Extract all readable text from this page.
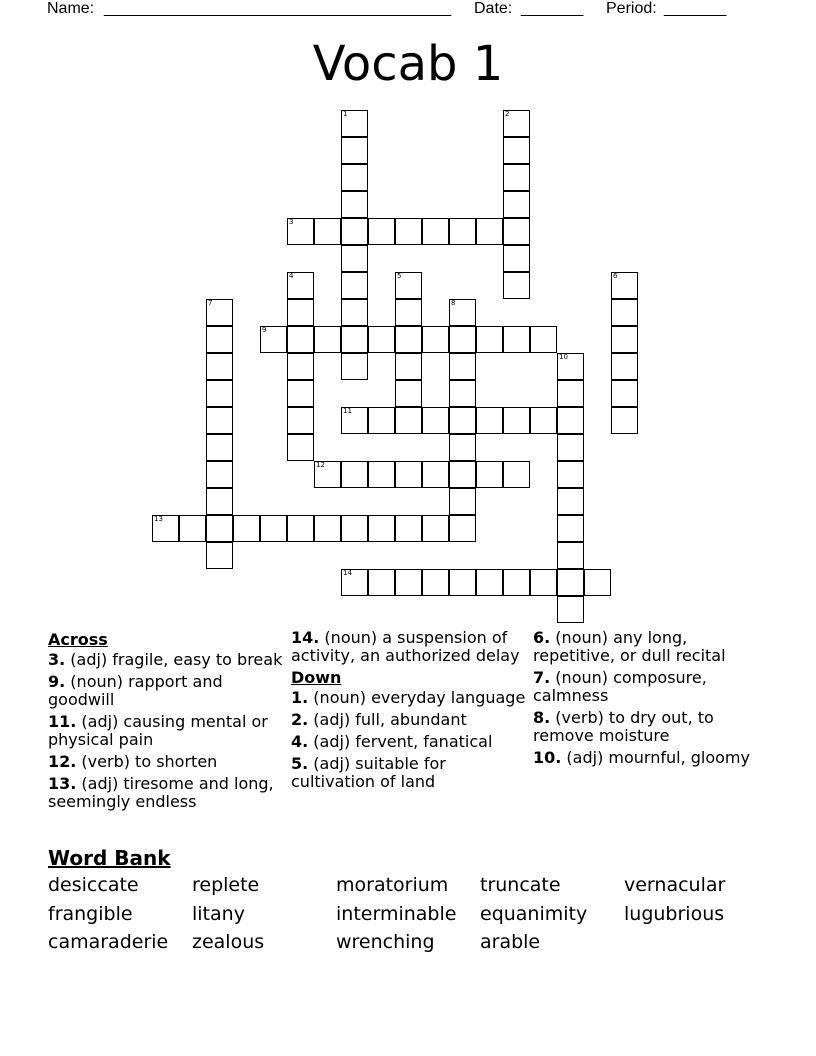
Name: _______________________________________ Date: _______ Period: _______
Vocab 1
1	2
3
4	5	6
7	8
9
10
11
12
13
14
Across
3. (adj) fragile, easy to break
9. (noun) rapport and goodwill
11. (adj) causing mental or physical pain
12. (verb) to shorten
13. (adj) tiresome and long, seemingly endless
14. (noun) a suspension of activity, an authorized delay
Down
1. (noun) everyday language
2. (adj) full, abundant
4. (adj) fervent, fanatical
5. (adj) suitable for cultivation of land
6. (noun) any long, repetitive, or dull recital
7. (noun) composure, calmness
8. (verb) to dry out, to remove moisture
10. (adj) mournful, gloomy
Word Bank
desiccate
frangible
camaraderie
replete
litany
zealous
moratorium
interminable
wrenching
truncate
equanimity
arable
vernacular
lugubrious
